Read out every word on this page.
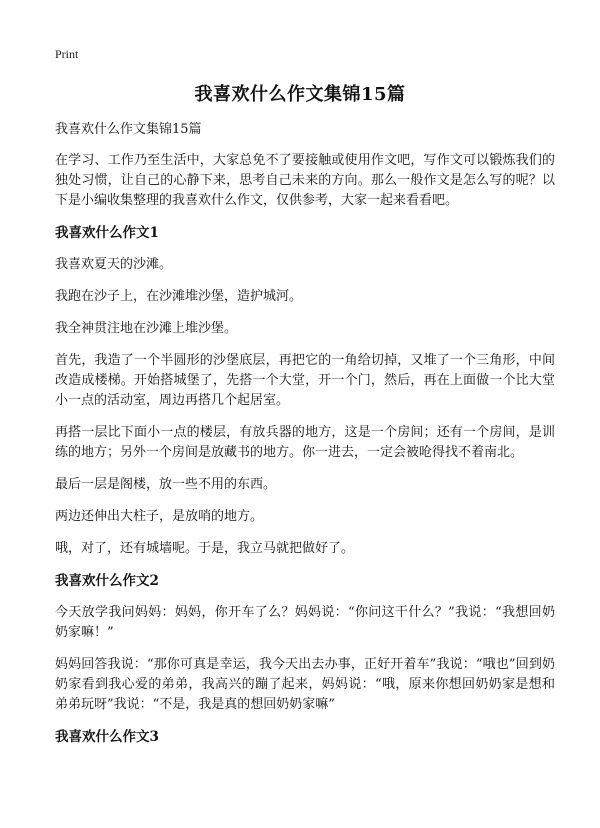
Print
我喜欢什么作文集锦15篇

我喜欢什么作文集锦15篇

在学习、工作乃至生活中，大家总免不了要接触或使用作文吧，写作文可以锻炼我们的独处习惯，让自己的心静下来，思考自己未来的方向。那么一般作文是怎么写的呢？以下是小编收集整理的我喜欢什么作文，仅供参考，大家一起来看看吧。

我喜欢什么作文1

我喜欢夏天的沙滩。

我跑在沙子上，在沙滩堆沙堡，造护城河。

我全神贯注地在沙滩上堆沙堡。

首先，我造了一个半圆形的沙堡底层，再把它的一角给切掉，又堆了一个三角形，中间改造成楼梯。开始搭城堡了，先搭一个大堂，开一个门，然后，再在上面做一个比大堂小一点的活动室，周边再搭几个起居室。

再搭一层比下面小一点的楼层，有放兵器的地方，这是一个房间；还有一个房间，是训练的地方；另外一个房间是放藏书的地方。你一进去，一定会被呛得找不着南北。

最后一层是阁楼，放一些不用的东西。

两边还伸出大柱子，是放哨的地方。

哦，对了，还有城墙呢。于是，我立马就把做好了。

我喜欢什么作文2

今天放学我问妈妈：妈妈，你开车了么？妈妈说：“你问这干什么？”我说：“我想回奶奶家嘛！”

妈妈回答我说：“那你可真是幸运，我今天出去办事，正好开着车”我说：“哦也”回到奶奶家看到我心爱的弟弟，我高兴的蹦了起来，妈妈说：“哦，原来你想回奶奶家是想和弟弟玩呀”我说：“不是，我是真的想回奶奶家嘛”

我喜欢什么作文3
